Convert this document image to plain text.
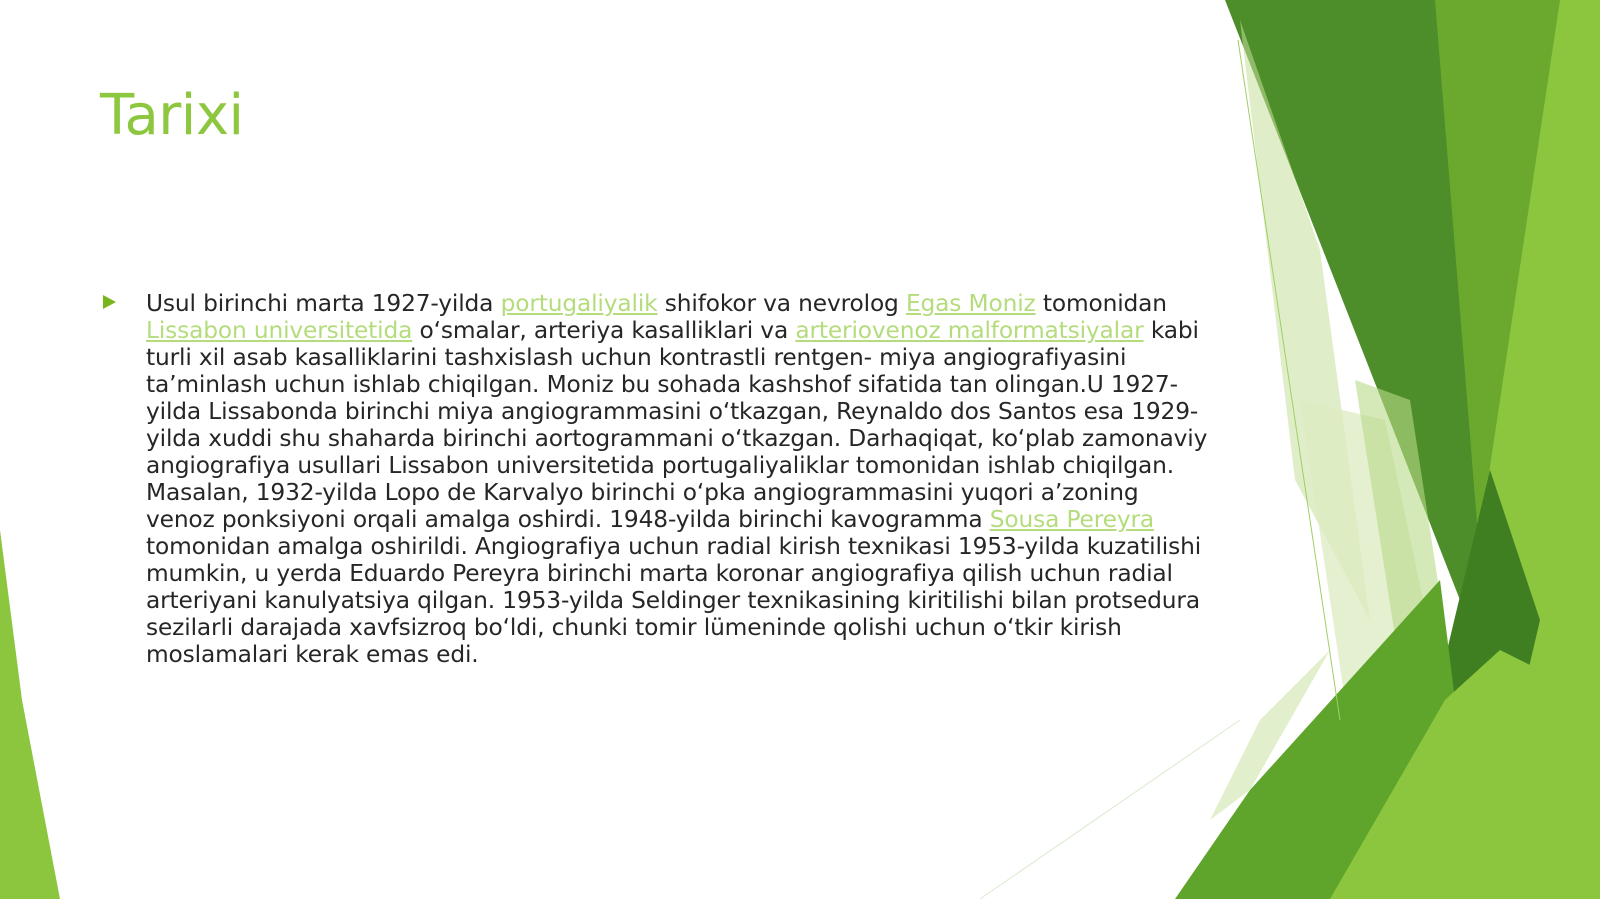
Tarixi

Usul birinchi marta 1927-yilda portugaliyalik shifokor va nevrolog Egas Moniz tomonidan Lissabon universitetida o‘smalar, arteriya kasalliklari va arteriovenoz malformatsiyalar kabi turli xil asab kasalliklarini tashxislash uchun kontrastli rentgen- miya angiografiyasini ta’minlash uchun ishlab chiqilgan. Moniz bu sohada kashshof sifatida tan olingan.U 1927-yilda Lissabonda birinchi miya angiogrammasini o‘tkazgan, Reynaldo dos Santos esa 1929-yilda xuddi shu shaharda birinchi aortogrammani o‘tkazgan. Darhaqiqat, koʻplab zamonaviy angiografiya usullari Lissabon universitetida portugaliyaliklar tomonidan ishlab chiqilgan. Masalan, 1932-yilda Lopo de Karvalyo birinchi oʻpka angiogrammasini yuqori aʼzoning venoz ponksiyoni orqali amalga oshirdi. 1948-yilda birinchi kavogramma Sousa Pereyra tomonidan amalga oshirildi. Angiografiya uchun radial kirish texnikasi 1953-yilda kuzatilishi mumkin, u yerda Eduardo Pereyra birinchi marta koronar angiografiya qilish uchun radial arteriyani kanulyatsiya qilgan. 1953-yilda Seldinger texnikasining kiritilishi bilan protsedura sezilarli darajada xavfsizroq boʻldi, chunki tomir lümeninde qolishi uchun oʻtkir kirish moslamalari kerak emas edi.
